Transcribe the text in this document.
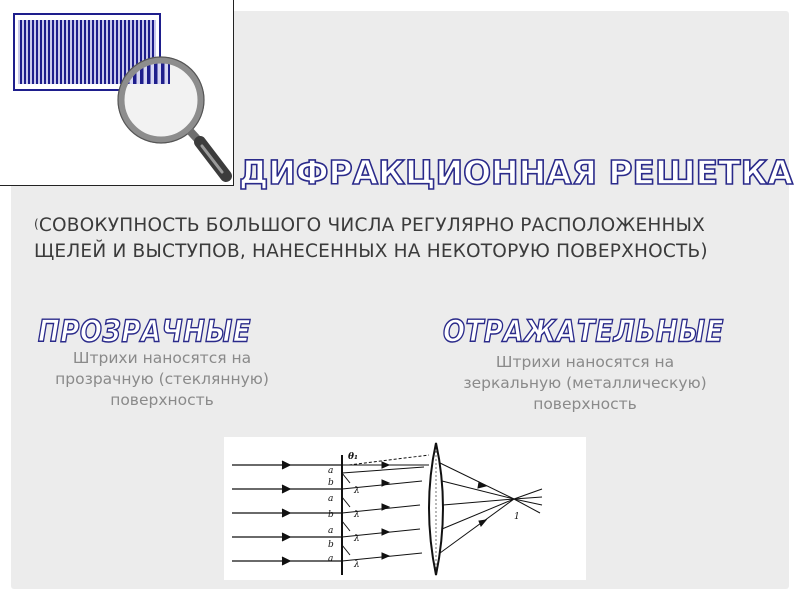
ДИФРАКЦИОННАЯ РЕШЕТКА
(СОВОКУПНОСТЬ БОЛЬШОГО ЧИСЛА РЕГУЛЯРНО РАСПОЛОЖЕННЫХ ЩЕЛЕЙ И ВЫСТУПОВ, НАНЕСЕННЫХ НА НЕКОТОРУЮ ПОВЕРХНОСТЬ)
ПРОЗРАЧНЫЕ	ОТРАЖАТЕЛЬНЫЕ
Штрихи наносятся на прозрачную (стеклянную) поверхность
Штрихи наносятся на зеркальную (металлическую) поверхность
a
b
a
b
a
b
a
λ
λ
λ
λ
θ₁
1
